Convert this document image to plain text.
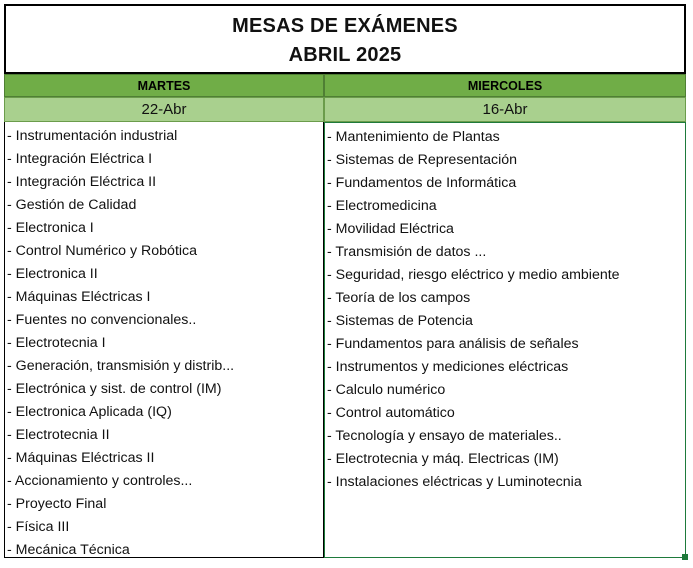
MESAS DE EXÁMENES
ABRIL 2025
MARTES	MIERCOLES
22-Abr	16-Abr
- Instrumentación industrial
- Integración Eléctrica I
- Integración Eléctrica II
- Gestión de Calidad
- Electronica I
- Control Numérico y Robótica
- Electronica II
- Máquinas Eléctricas I
- Fuentes no convencionales..
- Electrotecnia I
- Generación, transmisión y distrib...
- Electrónica y sist. de control (IM)
- Electronica Aplicada (IQ)
- Electrotecnia II
- Máquinas Eléctricas II
- Accionamiento y controles...
- Proyecto Final
- Física III
- Mecánica Técnica
- Mantenimiento de Plantas
- Sistemas de Representación
- Fundamentos de Informática
- Electromedicina
- Movilidad Eléctrica
- Transmisión de datos ...
- Seguridad, riesgo eléctrico y medio ambiente
- Teoría de los campos
- Sistemas de Potencia
- Fundamentos para análisis de señales
- Instrumentos y mediciones eléctricas
- Calculo numérico
- Control automático
- Tecnología y ensayo de materiales..
- Electrotecnia y máq. Electricas (IM)
- Instalaciones eléctricas y Luminotecnia
